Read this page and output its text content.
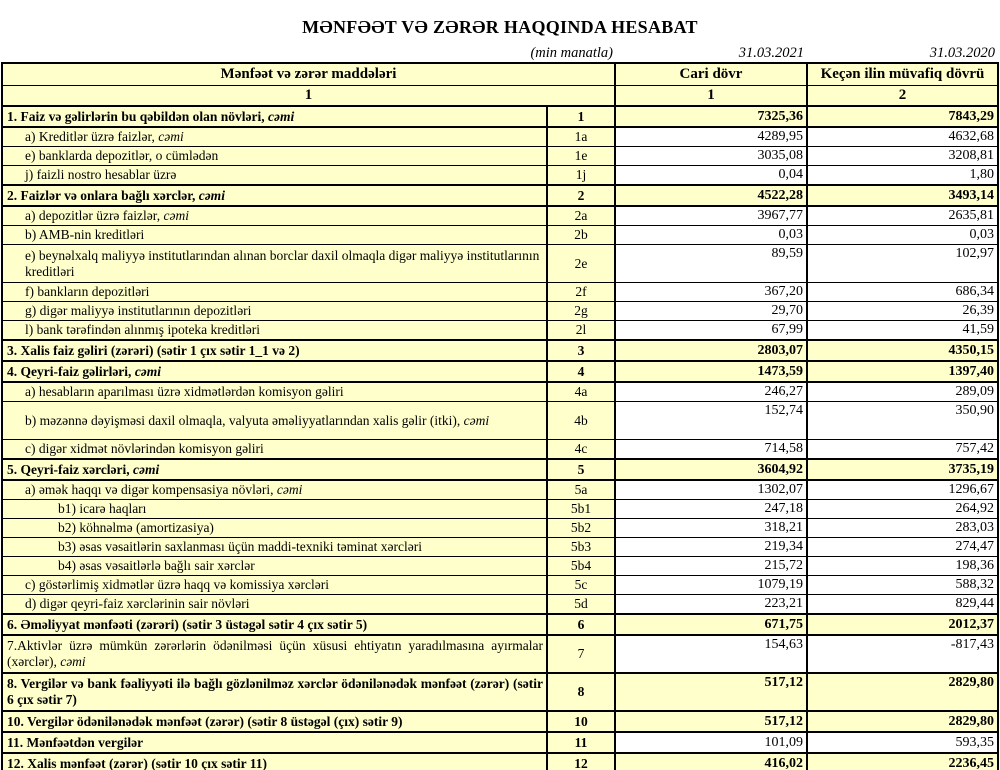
MƏNFƏƏT VƏ ZƏRƏR HAQQINDA HESABAT
(min manatla)	31.03.2021	31.03.2020
Mənfəət və zərər maddələri		Cari dövr	Keçən ilin müvafiq dövrü
1		1	2
1. Faiz və gəlirlərin bu qəbildən olan növləri, cəmi	1	7325,36	7843,29
a) Kreditlər üzrə faizlər, cəmi	1a	4289,95	4632,68
e) banklarda depozitlər, o cümlədən	1e	3035,08	3208,81
j) faizli nostro hesablar üzrə	1j	0,04	1,80
2. Faizlər və onlara bağlı xərclər, cəmi	2	4522,28	3493,14
a) depozitlər üzrə faizlər, cəmi	2a	3967,77	2635,81
b) AMB-nin kreditləri	2b	0,03	0,03
e) beynəlxalq maliyyə institutlarından alınan borclar daxil olmaqla digər maliyyə institutlarının kreditləri	2e	89,59	102,97
f) bankların depozitləri	2f	367,20	686,34
g) digər maliyyə institutlarının depozitləri	2g	29,70	26,39
l) bank tərəfindən alınmış ipoteka kreditləri	2l	67,99	41,59
3. Xalis faiz gəliri (zərəri) (sətir 1 çıx sətir 1_1 və 2)	3	2803,07	4350,15
4. Qeyri-faiz gəlirləri, cəmi	4	1473,59	1397,40
a) hesabların aparılması üzrə xidmətlərdən komisyon gəliri	4a	246,27	289,09
b) məzənnə dəyişməsi daxil olmaqla, valyuta əməliyyatlarından xalis gəlir (itki), cəmi	4b	152,74	350,90
c) digər xidmət növlərindən komisyon gəliri	4c	714,58	757,42
5. Qeyri-faiz xərcləri, cəmi	5	3604,92	3735,19
a) əmək haqqı və digər kompensasiya növləri, cəmi	5a	1302,07	1296,67
b1) icarə haqları	5b1	247,18	264,92
b2) köhnəlmə (amortizasiya)	5b2	318,21	283,03
b3) əsas vəsaitlərin saxlanması üçün maddi-texniki təminat xərcləri	5b3	219,34	274,47
b4) əsas vəsaitlərlə bağlı sair xərclər	5b4	215,72	198,36
c) göstərlimiş xidmətlər üzrə haqq və komissiya xərcləri	5c	1079,19	588,32
d) digər qeyri-faiz xərclərinin sair növləri	5d	223,21	829,44
6. Əməliyyat mənfəəti (zərəri) (sətir 3 üstəgəl sətir 4 çıx sətir 5)	6	671,75	2012,37
7.Aktivlər üzrə mümkün zərərlərin ödənilməsi üçün xüsusi ehtiyatın yaradılmasına ayırmalar (xərclər), cəmi	7	154,63	-817,43
8. Vergilər və bank fəaliyyəti ilə bağlı gözlənilməz xərclər ödənilənədək mənfəət (zərər) (sətir 6 çıx sətir 7)	8	517,12	2829,80
10. Vergilər ödənilənədək mənfəət (zərər) (sətir 8 üstəgəl (çıx) sətir 9)	10	517,12	2829,80
11. Mənfəətdən vergilər	11	101,09	593,35
12. Xalis mənfəət (zərər) (sətir 10 çıx sətir 11)	12	416,02	2236,45
